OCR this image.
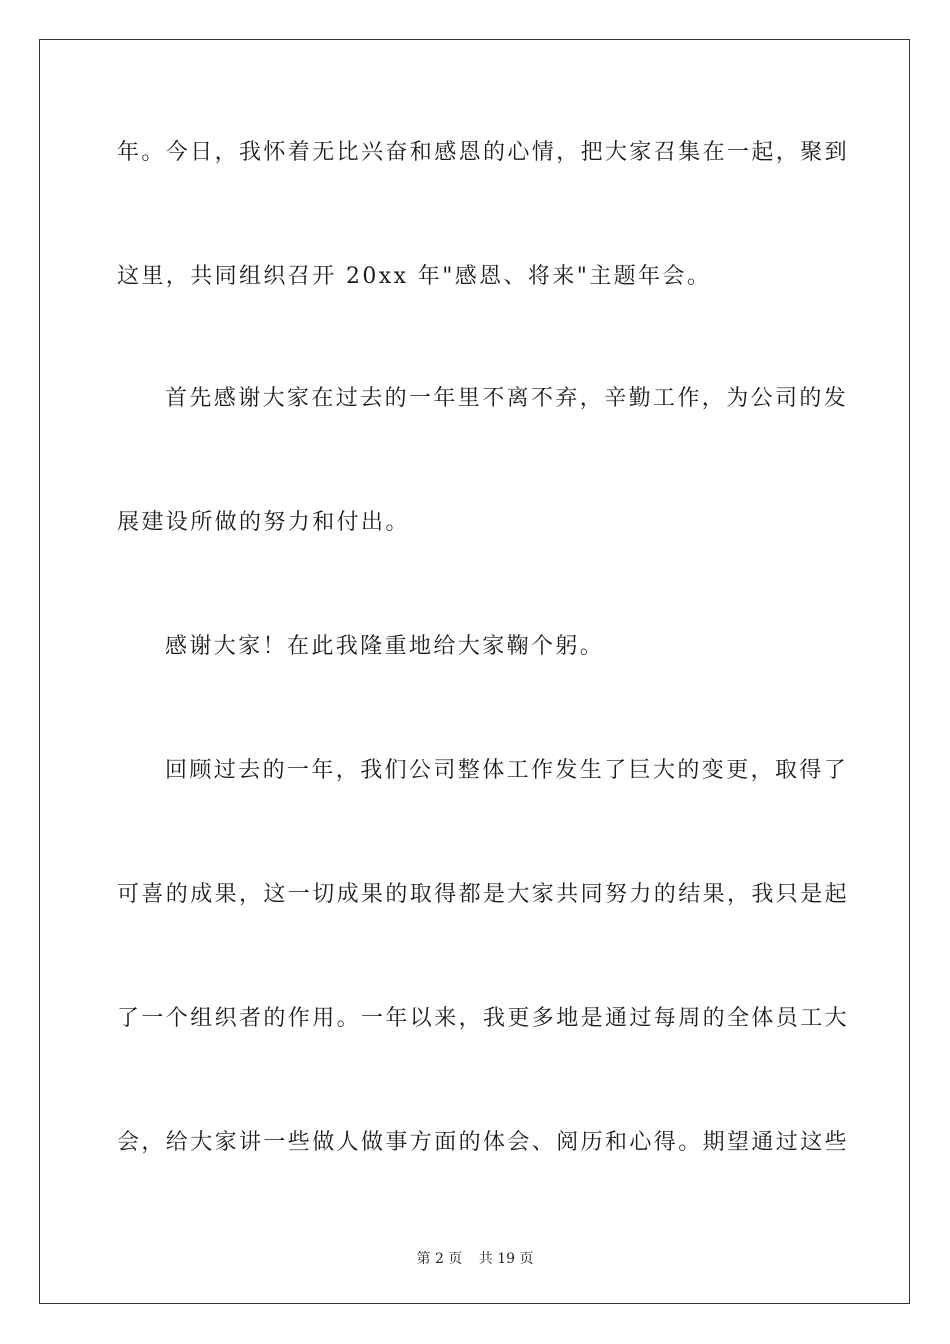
年。今日，我怀着无比兴奋和感恩的心情，把大家召集在一起，聚到
这里，共同组织召开 20xx 年"感恩、将来"主题年会。
首先感谢大家在过去的一年里不离不弃，辛勤工作，为公司的发
展建设所做的努力和付出。
感谢大家！在此我隆重地给大家鞠个躬。
回顾过去的一年，我们公司整体工作发生了巨大的变更，取得了
可喜的成果，这一切成果的取得都是大家共同努力的结果，我只是起
了一个组织者的作用。一年以来，我更多地是通过每周的全体员工大
会，给大家讲一些做人做事方面的体会、阅历和心得。期望通过这些
第 2 页 共 19 页
